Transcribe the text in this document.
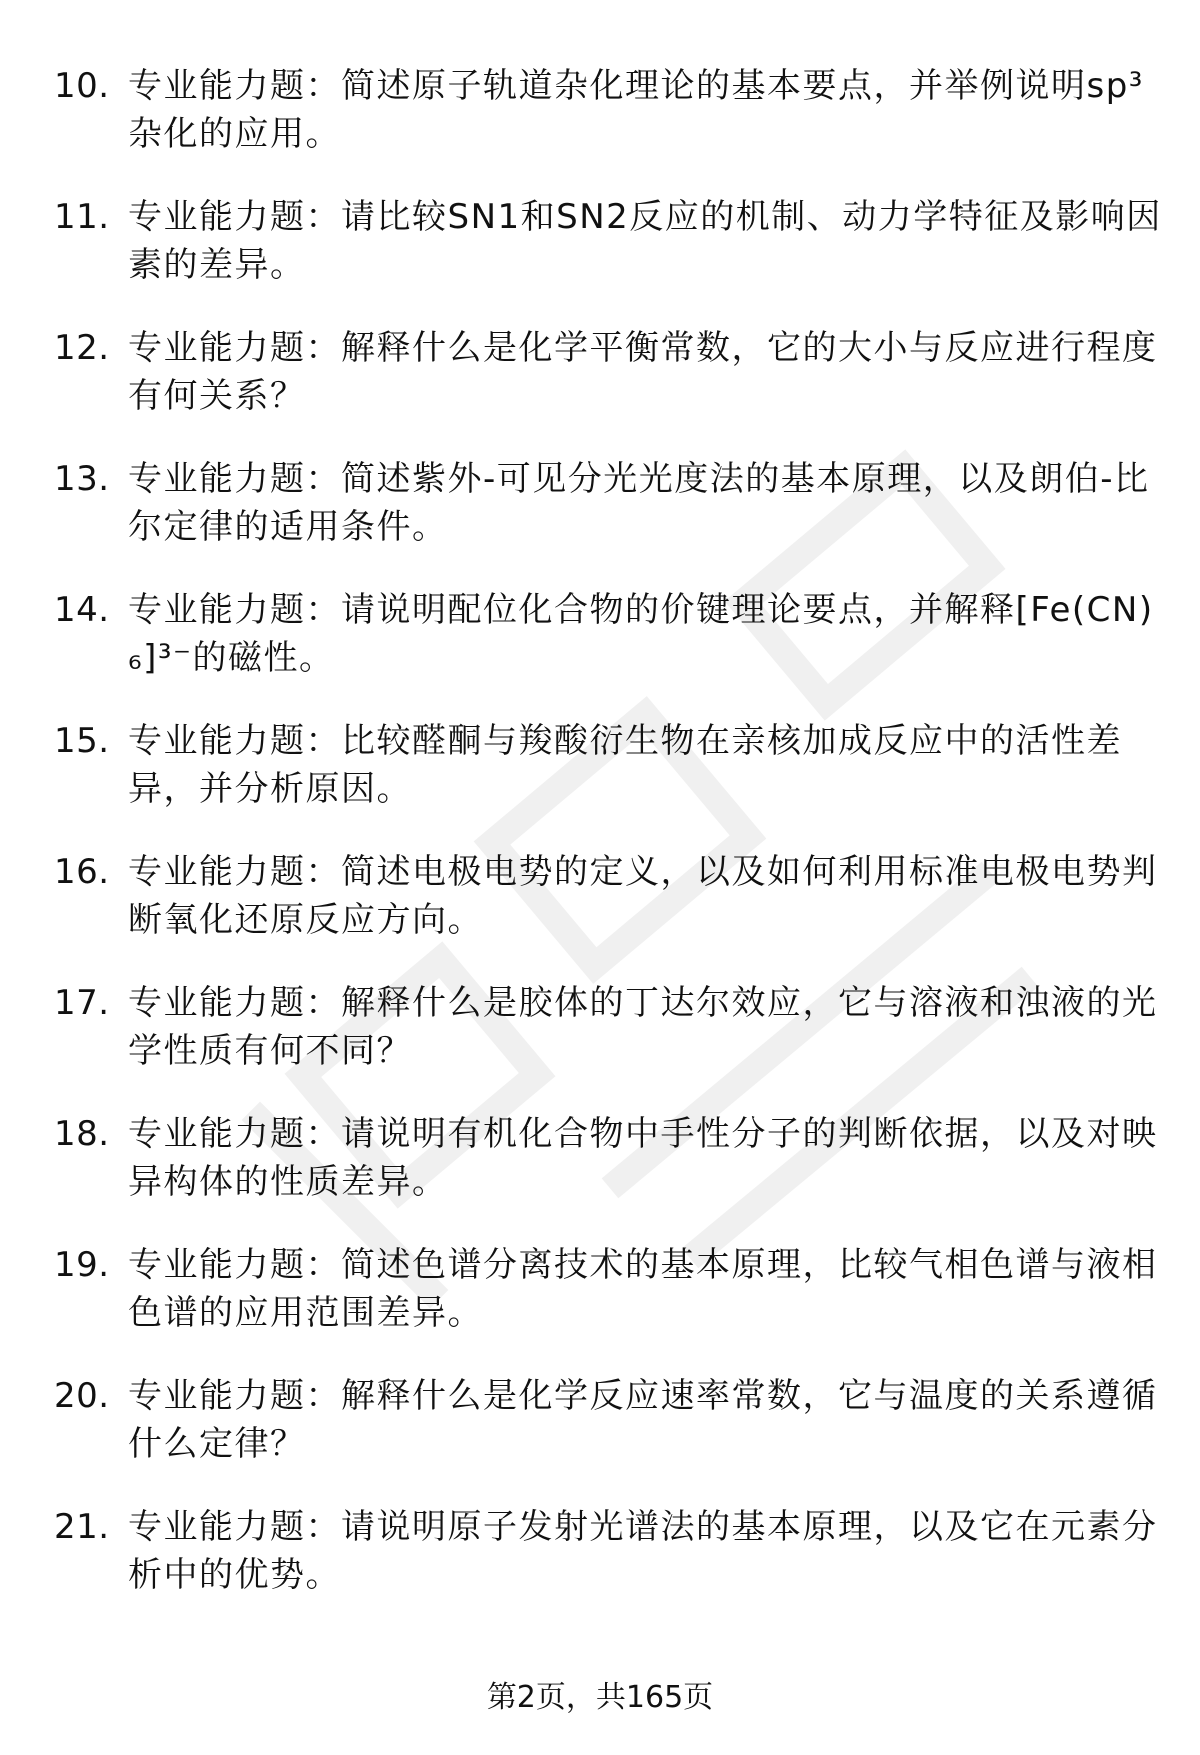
10. 专业能力题：简述原子轨道杂化理论的基本要点，并举例说明sp³杂化的应用。
11. 专业能力题：请比较SN1和SN2反应的机制、动力学特征及影响因素的差异。
12. 专业能力题：解释什么是化学平衡常数，它的大小与反应进行程度有何关系？
13. 专业能力题：简述紫外-可见分光光度法的基本原理，以及朗伯-比尔定律的适用条件。
14. 专业能力题：请说明配位化合物的价键理论要点，并解释[Fe(CN)₆]³⁻的磁性。
15. 专业能力题：比较醛酮与羧酸衍生物在亲核加成反应中的活性差异，并分析原因。
16. 专业能力题：简述电极电势的定义，以及如何利用标准电极电势判断氧化还原反应方向。
17. 专业能力题：解释什么是胶体的丁达尔效应，它与溶液和浊液的光学性质有何不同？
18. 专业能力题：请说明有机化合物中手性分子的判断依据，以及对映异构体的性质差异。
19. 专业能力题：简述色谱分离技术的基本原理，比较气相色谱与液相色谱的应用范围差异。
20. 专业能力题：解释什么是化学反应速率常数，它与温度的关系遵循什么定律？
21. 专业能力题：请说明原子发射光谱法的基本原理，以及它在元素分析中的优势。
第2页，共165页
